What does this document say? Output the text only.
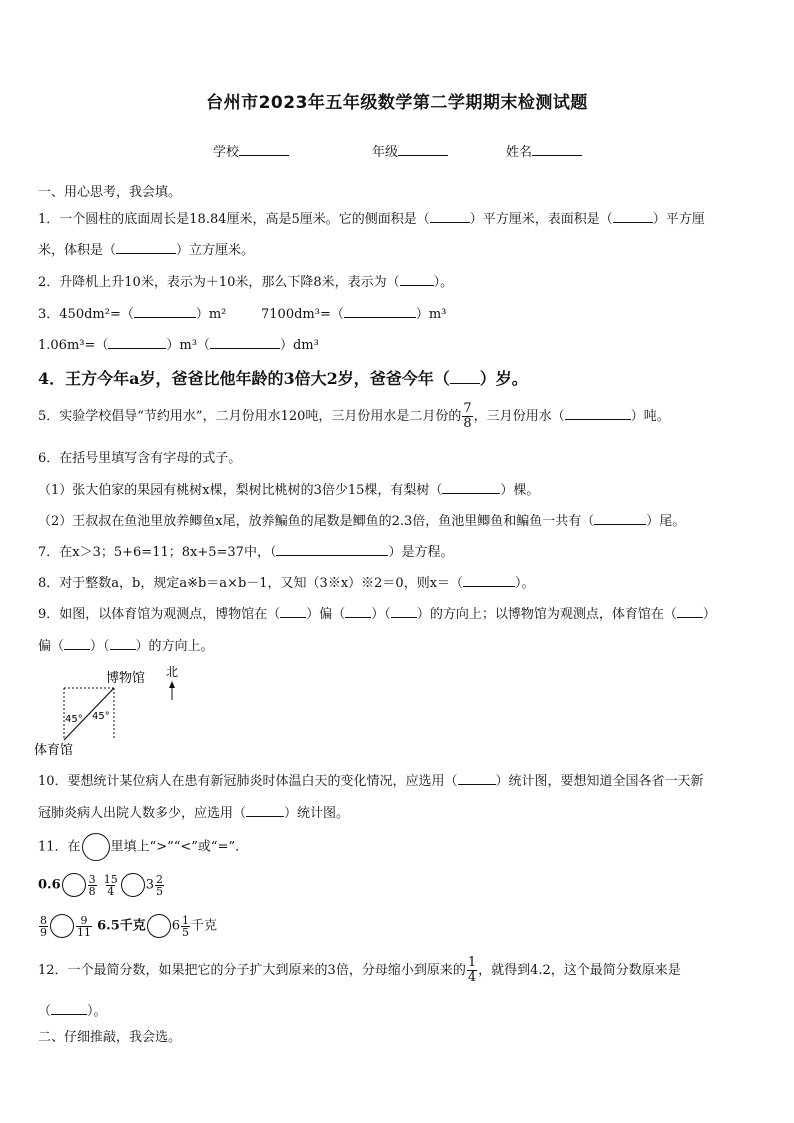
台州市2023年五年级数学第二学期期末检测试题
学校	年级	姓名
一、用心思考，我会填。
1．一个圆柱的底面周长是18.84厘米，高是5厘米。它的侧面积是（	）平方厘米，表面积是（	）平方厘
米，体积是（	）立方厘米。
2．升降机上升10米，表示为＋10米，那么下降8米，表示为（	）。
3．450dm²=（	）m²	7100dm³=（	）m³
1.06m³=（	）m³（	）dm³
4．王方今年a岁，爸爸比他年龄的3倍大2岁，爸爸今年（ ）岁。
5．实验学校倡导“节约用水”，二月份用水120吨，三月份用水是二月份的 $\frac{7}{8}$ ，三月份用水（	）吨。
6．在括号里填写含有字母的式子。
（1）张大伯家的果园有桃树x棵，梨树比桃树的3倍少15棵，有梨树（	）棵。
（2）王叔叔在鱼池里放养鲫鱼x尾，放养鳊鱼的尾数是鲫鱼的2.3倍，鱼池里鲫鱼和鳊鱼一共有（	）尾。
7．在x＞3；5+6=11；8x+5=37中，（	）是方程。
8．对于整数a，b，规定a※b＝a×b－1，又知（3※x）※2＝0，则x＝（	）。
9．如图，以体育馆为观测点，博物馆在（ ）偏（ ）（ ）的方向上；以博物馆为观测点，体育馆在（ ）
偏（ ）（ ）的方向上。
博物馆
体育馆
北
45° 45°
10．要想统计某位病人在患有新冠肺炎时体温白天的变化情况，应选用（	）统计图，要想知道全国各省一天新
冠肺炎病人出院人数多少，应选用（	）统计图。
11．在 里填上“>”“<”或“=”．
$0.6 \frac{3}{8}$
$\frac{15}{4} 3 \frac{2}{5}$
$\frac{8}{9}$	$\frac{9}{11} 6.5$千克 $6 \frac{1}{5}$ 千克
12．一个最简分数，如果把它的分子扩大到原来的3倍，分母缩小到原来的 $\frac{1}{4}$ ，就得到4.2，这个最简分数原来是
（	）。
二、仔细推敲，我会选。
